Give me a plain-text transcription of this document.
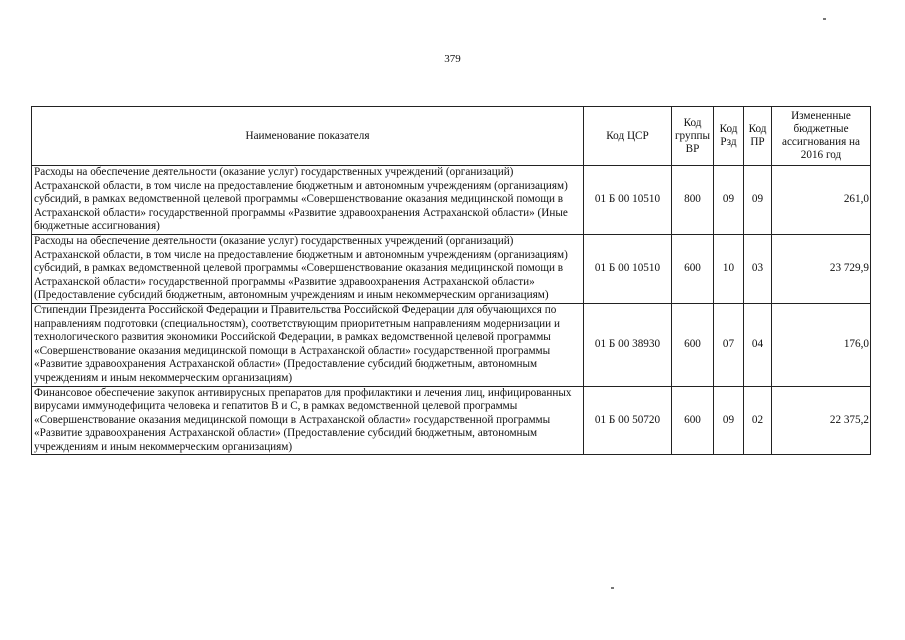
379
Наименование показателя	Код ЦСР	Код группы ВР	Код Рзд	Код ПР	Измененные бюджетные ассигнования на 2016 год
Расходы на обеспечение деятельности (оказание услуг) государственных учреждений (организаций) Астраханской области, в том числе на предоставление бюджетным и автономным учреждениям (организациям) субсидий, в рамках ведомственной целевой программы «Совершенствование оказания медицинской помощи в Астраханской области» государственной программы «Развитие здравоохранения Астраханской области» (Иные бюджетные ассигнования)	01 Б 00 10510	800	09	09	261,0
Расходы на обеспечение деятельности (оказание услуг) государственных учреждений (организаций) Астраханской области, в том числе на предоставление бюджетным и автономным учреждениям (организациям) субсидий, в рамках ведомственной целевой программы «Совершенствование оказания медицинской помощи в Астраханской области» государственной программы «Развитие здравоохранения Астраханской области» (Предоставление субсидий бюджетным, автономным учреждениям и иным некоммерческим организациям)	01 Б 00 10510	600	10	03	23 729,9
Стипендии Президента Российской Федерации и Правительства Российской Федерации для обучающихся по направлениям подготовки (специальностям), соответствующим приоритетным направлениям модернизации и технологического развития экономики Российской Федерации, в рамках ведомственной целевой программы «Совершенствование оказания медицинской помощи в Астраханской области» государственной программы «Развитие здравоохранения Астраханской области» (Предоставление субсидий бюджетным, автономным учреждениям и иным некоммерческим организациям)	01 Б 00 38930	600	07	04	176,0
Финансовое обеспечение закупок антивирусных препаратов для профилактики и лечения лиц, инфицированных вирусами иммунодефицита человека и гепатитов В и С, в рамках ведомственной целевой программы «Совершенствование оказания медицинской помощи в Астраханской области» государственной программы «Развитие здравоохранения Астраханской области» (Предоставление субсидий бюджетным, автономным учреждениям и иным некоммерческим организациям)	01 Б 00 50720	600	09	02	22 375,2
